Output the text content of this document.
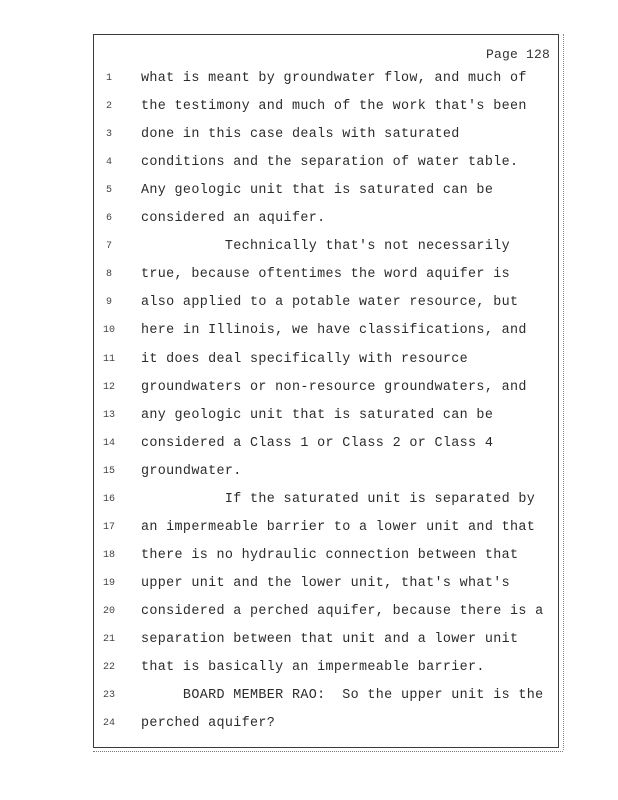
Page 128
1	what is meant by groundwater flow, and much of
2	the testimony and much of the work that's been
3	done in this case deals with saturated
4	conditions and the separation of water table.
5	Any geologic unit that is saturated can be
6	considered an aquifer.
7	Technically that's not necessarily
8	true, because oftentimes the word aquifer is
9	also applied to a potable water resource, but
10	here in Illinois, we have classifications, and
11	it does deal specifically with resource
12	groundwaters or non-resource groundwaters, and
13	any geologic unit that is saturated can be
14	considered a Class 1 or Class 2 or Class 4
15	groundwater.
16	If the saturated unit is separated by
17	an impermeable barrier to a lower unit and that
18	there is no hydraulic connection between that
19	upper unit and the lower unit, that's what's
20	considered a perched aquifer, because there is a
21	separation between that unit and a lower unit
22	that is basically an impermeable barrier.
23	BOARD MEMBER RAO:  So the upper unit is the
24	perched aquifer?
